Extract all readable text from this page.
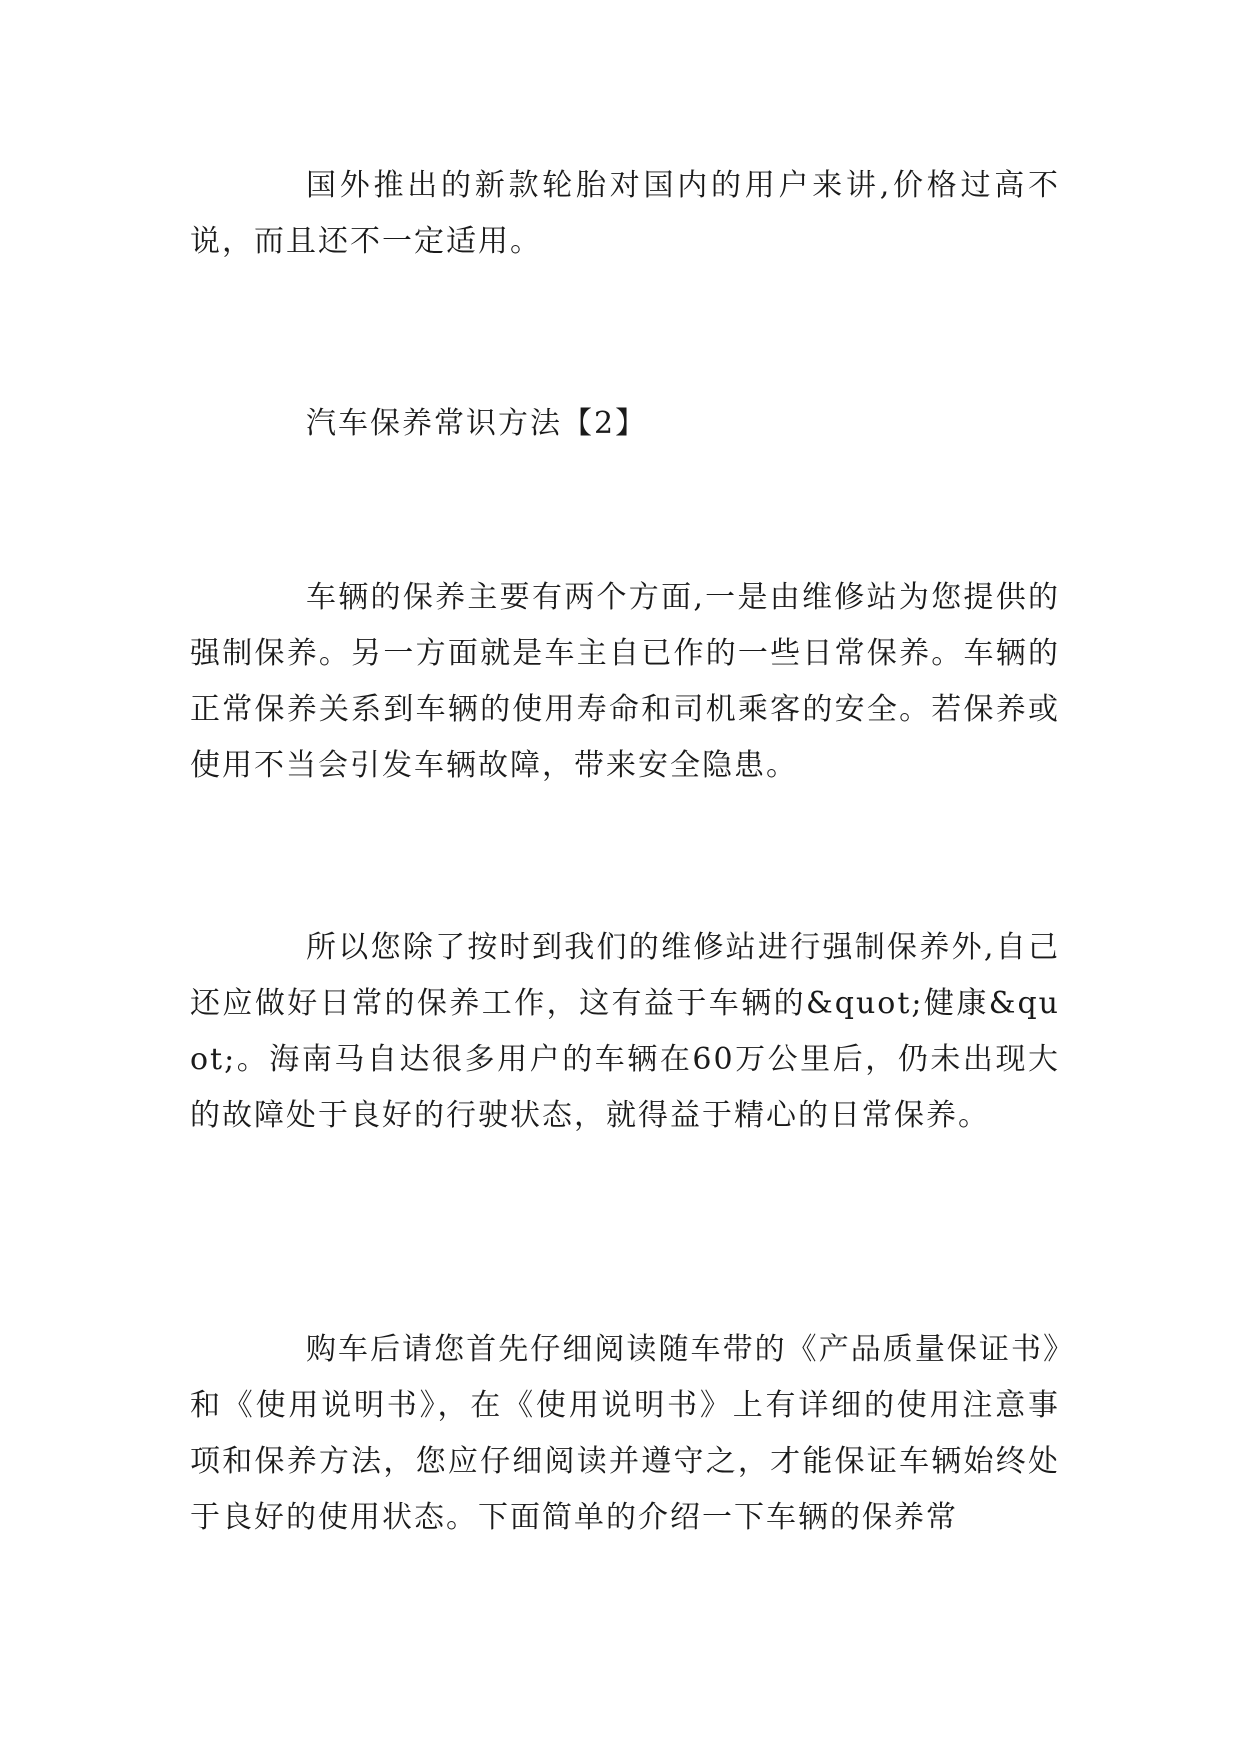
国外推出的新款轮胎对国内的用户来讲,价格过高不说，而且还不一定适用。

汽车保养常识方法【2】

车辆的保养主要有两个方面,一是由维修站为您提供的强制保养。另一方面就是车主自已作的一些日常保养。车辆的正常保养关系到车辆的使用寿命和司机乘客的安全。若保养或使用不当会引发车辆故障，带来安全隐患。

所以您除了按时到我们的维修站进行强制保养外,自己还应做好日常的保养工作，这有益于车辆的&quot;健康&quot;。海南马自达很多用户的车辆在60万公里后，仍未出现大的故障处于良好的行驶状态，就得益于精心的日常保养。

购车后请您首先仔细阅读随车带的《产品质量保证书》和《使用说明书》，在《使用说明书》上有详细的使用注意事项和保养方法，您应仔细阅读并遵守之，才能保证车辆始终处于良好的使用状态。下面简单的介绍一下车辆的保养常
